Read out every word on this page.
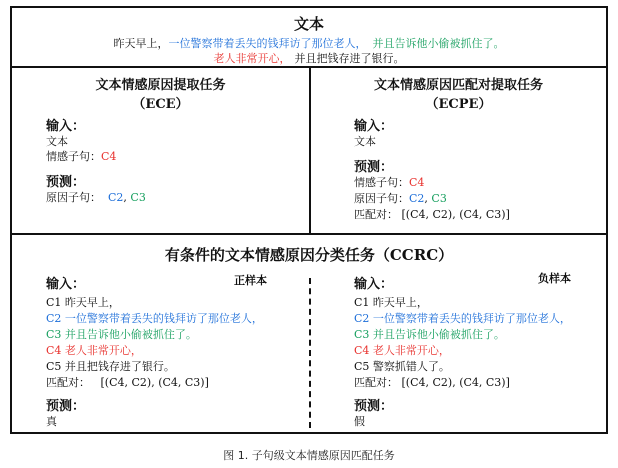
文本
昨天早上，一位警察带着丢失的钱拜访了那位老人， 并且告诉他小偷被抓住了。
老人非常开心， 并且把钱存进了银行。
文本情感原因提取任务
（ECE）
输入：
文本
情感子句：C4
预测：
原因子句： C2, C3
文本情感原因匹配对提取任务
（ECPE）
输入：
文本
预测：
情感子句：C4
原因子句：C2, C3
匹配对： [(C4, C2), (C4, C3)]
有条件的文本情感原因分类任务（CCRC）
输入：	正样本
C1 昨天早上，
C2 一位警察带着丢失的钱拜访了那位老人，
C3 并且告诉他小偷被抓住了。
C4 老人非常开心，
C5 并且把钱存进了银行。
匹配对： [(C4, C2), (C4, C3)]
预测：
真
输入：	负样本
C1 昨天早上，
C2 一位警察带着丢失的钱拜访了那位老人，
C3 并且告诉他小偷被抓住了。
C4 老人非常开心，
C5 警察抓错人了。
匹配对： [(C4, C2), (C4, C3)]
预测：
假
图 1. 子句级文本情感原因匹配任务
